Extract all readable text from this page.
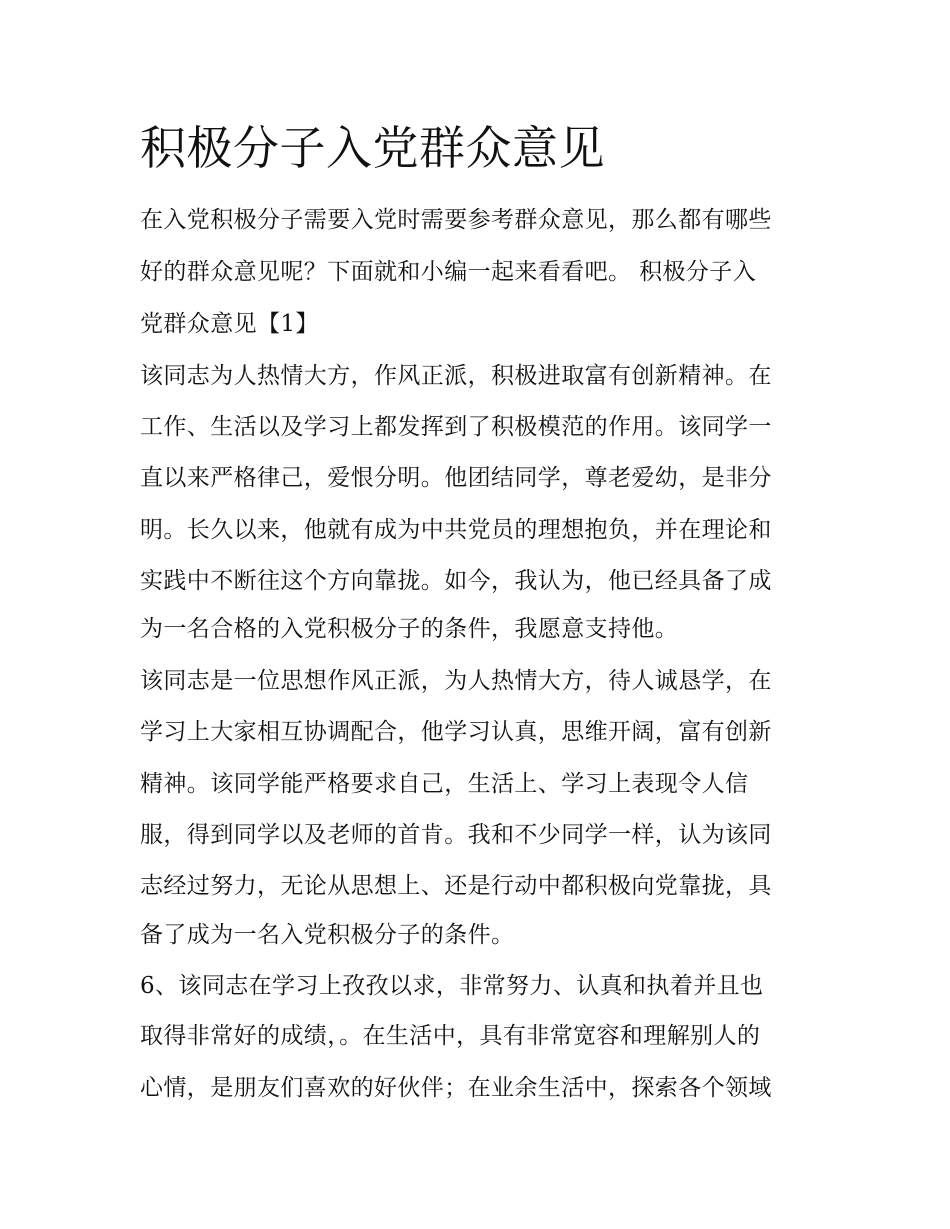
积极分子入党群众意见

在入党积极分子需要入党时需要参考群众意见，那么都有哪些

好的群众意见呢？下面就和小编一起来看看吧。 积极分子入

党群众意见【1】

该同志为人热情大方，作风正派，积极进取富有创新精神。在

工作、生活以及学习上都发挥到了积极模范的作用。该同学一

直以来严格律己，爱恨分明。他团结同学，尊老爱幼，是非分

明。长久以来，他就有成为中共党员的理想抱负，并在理论和

实践中不断往这个方向靠拢。如今，我认为，他已经具备了成

为一名合格的入党积极分子的条件，我愿意支持他。

该同志是一位思想作风正派，为人热情大方，待人诚恳学，在

学习上大家相互协调配合，他学习认真，思维开阔，富有创新

精神。该同学能严格要求自己，生活上、学习上表现令人信

服，得到同学以及老师的首肯。我和不少同学一样，认为该同

志经过努力，无论从思想上、还是行动中都积极向党靠拢，具

备了成为一名入党积极分子的条件。

6、该同志在学习上孜孜以求，非常努力、认真和执着并且也

取得非常好的成绩，。在生活中，具有非常宽容和理解别人的

心情，是朋友们喜欢的好伙伴；在业余生活中，探索各个领域
